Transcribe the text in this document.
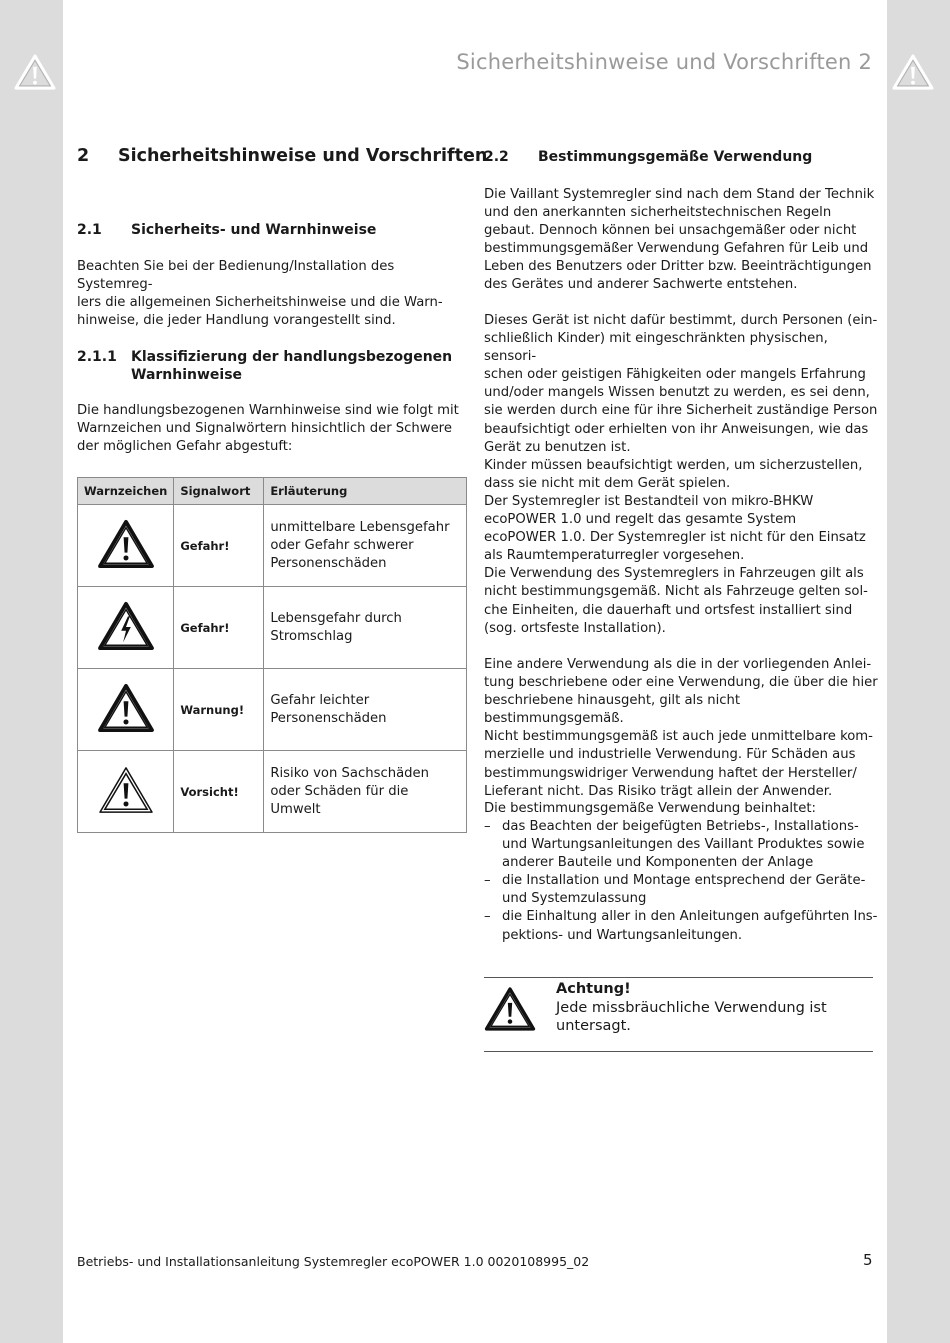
Sicherheitshinweise und Vorschriften 2
2 Sicherheitshinweise und Vorschriften
2.1 Sicherheits- und Warnhinweise

Beachten Sie bei der Bedienung/Installation des Systemreg-
lers die allgemeinen Sicherheitshinweise und die Warn-
hinweise, die jeder Handlung vorangestellt sind.

2.1.1 Klassifizierung der handlungsbezogenen
Warnhinweise

Die handlungsbezogenen Warnhinweise sind wie folgt mit
Warnzeichen und Signalwörtern hinsichtlich der Schwere
der möglichen Gefahr abgestuft:

Warnzeichen	Signalwort	Erläuterung
	Gefahr!	unmittelbare Lebensgefahr
oder Gefahr schwerer
Personenschäden
	Gefahr!	Lebensgefahr durch
Stromschlag
	Warnung!	Gefahr leichter
Personenschäden
	Vorsicht!	Risiko von Sachschäden
oder Schäden für die
Umwelt
2.2 Bestimmungsgemäße Verwendung

Die Vaillant Systemregler sind nach dem Stand der Technik
und den anerkannten sicherheitstechnischen Regeln
gebaut. Dennoch können bei unsachgemäßer oder nicht
bestimmungsgemäßer Verwendung Gefahren für Leib und
Leben des Benutzers oder Dritter bzw. Beeinträchtigungen
des Gerätes und anderer Sachwerte entstehen.

Dieses Gerät ist nicht dafür bestimmt, durch Personen (ein-
schließlich Kinder) mit eingeschränkten physischen, sensori-
schen oder geistigen Fähigkeiten oder mangels Erfahrung
und/oder mangels Wissen benutzt zu werden, es sei denn,
sie werden durch eine für ihre Sicherheit zuständige Person
beaufsichtigt oder erhielten von ihr Anweisungen, wie das
Gerät zu benutzen ist.
Kinder müssen beaufsichtigt werden, um sicherzustellen,
dass sie nicht mit dem Gerät spielen.

Der Systemregler ist Bestandteil von mikro-BHKW
ecoPOWER 1.0 und regelt das gesamte System
ecoPOWER 1.0. Der Systemregler ist nicht für den Einsatz
als Raumtemperaturregler vorgesehen.
Die Verwendung des Systemreglers in Fahrzeugen gilt als
nicht bestimmungsgemäß. Nicht als Fahrzeuge gelten sol-
che Einheiten, die dauerhaft und ortsfest installiert sind
(sog. ortsfeste Installation).

Eine andere Verwendung als die in der vorliegenden Anlei-
tung beschriebene oder eine Verwendung, die über die hier
beschriebene hinausgeht, gilt als nicht bestimmungsgemäß.
Nicht bestimmungsgemäß ist auch jede unmittelbare kom-
merzielle und industrielle Verwendung. Für Schäden aus
bestimmungswidriger Verwendung haftet der Hersteller/
Lieferant nicht. Das Risiko trägt allein der Anwender.

Die bestimmungsgemäße Verwendung beinhaltet:

– das Beachten der beigefügten Betriebs-, Installations-
und Wartungsanleitungen des Vaillant Produktes sowie
anderer Bauteile und Komponenten der Anlage
– die Installation und Montage entsprechend der Geräte-
und Systemzulassung
– die Einhaltung aller in den Anleitungen aufgeführten Ins-
pektions- und Wartungsanleitungen.
Achtung!
Jede missbräuchliche Verwendung ist untersagt.
Betriebs- und Installationsanleitung Systemregler ecoPOWER 1.0 0020108995_02	5
